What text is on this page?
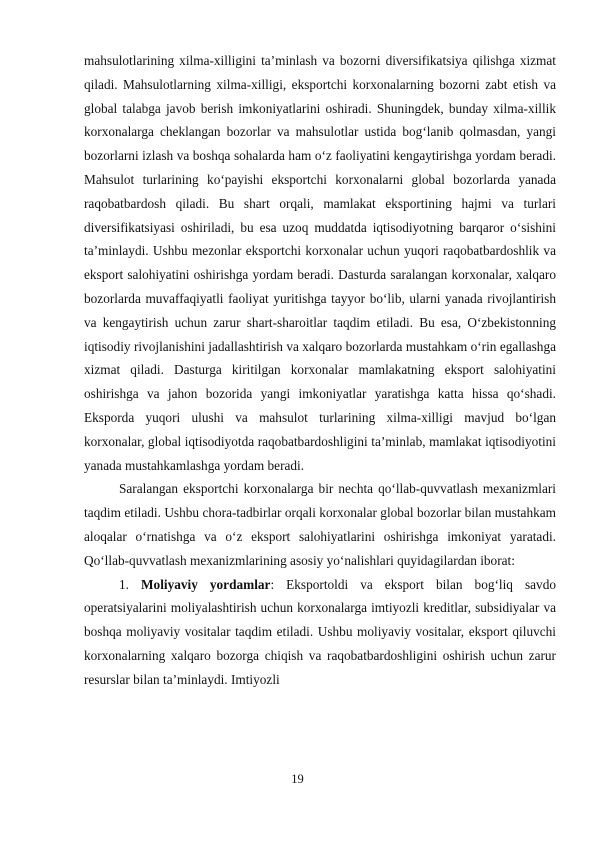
mahsulotlarining xilma-xilligini ta’minlash va bozorni diversifikatsiya qilishga xizmat qiladi. Mahsulotlarning xilma-xilligi, eksportchi korxonalarning bozorni zabt etish va global talabga javob berish imkoniyatlarini oshiradi. Shuningdek, bunday xilma-xillik korxonalarga cheklangan bozorlar va mahsulotlar ustida bog‘lanib qolmasdan, yangi bozorlarni izlash va boshqa sohalarda ham o‘z faoliyatini kengaytirishga yordam beradi. Mahsulot turlarining ko‘payishi eksportchi korxonalarni global bozorlarda yanada raqobatbardosh qiladi. Bu shart orqali, mamlakat eksportining hajmi va turlari diversifikatsiyasi oshiriladi, bu esa uzoq muddatda iqtisodiyotning barqaror o‘sishini ta’minlaydi. Ushbu mezonlar eksportchi korxonalar uchun yuqori raqobatbardoshlik va eksport salohiyatini oshirishga yordam beradi. Dasturda saralangan korxonalar, xalqaro bozorlarda muvaffaqiyatli faoliyat yuritishga tayyor bo‘lib, ularni yanada rivojlantirish va kengaytirish uchun zarur shart-sharoitlar taqdim etiladi. Bu esa, O‘zbekistonning iqtisodiy rivojlanishini jadallashtirish va xalqaro bozorlarda mustahkam o‘rin egallashga xizmat qiladi. Dasturga kiritilgan korxonalar mamlakatning eksport salohiyatini oshirishga va jahon bozorida yangi imkoniyatlar yaratishga katta hissa qo‘shadi. Eksporda yuqori ulushi va mahsulot turlarining xilma-xilligi mavjud bo‘lgan korxonalar, global iqtisodiyotda raqobatbardoshligini ta’minlab, mamlakat iqtisodiyotini yanada mustahkamlashga yordam beradi.

Saralangan eksportchi korxonalarga bir nechta qo‘llab-quvvatlash mexanizmlari taqdim etiladi. Ushbu chora-tadbirlar orqali korxonalar global bozorlar bilan mustahkam aloqalar o‘rnatishga va o‘z eksport salohiyatlarini oshirishga imkoniyat yaratadi. Qo‘llab-quvvatlash mexanizmlarining asosiy yo‘nalishlari quyidagilardan iborat:

1. Moliyaviy yordamlar: Eksportoldi va eksport bilan bog‘liq savdo operatsiyalarini moliyalashtirish uchun korxonalarga imtiyozli kreditlar, subsidiyalar va boshqa moliyaviy vositalar taqdim etiladi. Ushbu moliyaviy vositalar, eksport qiluvchi korxonalarning xalqaro bozorga chiqish va raqobatbardoshligini oshirish uchun zarur resurslar bilan ta’minlaydi. Imtiyozli

19
